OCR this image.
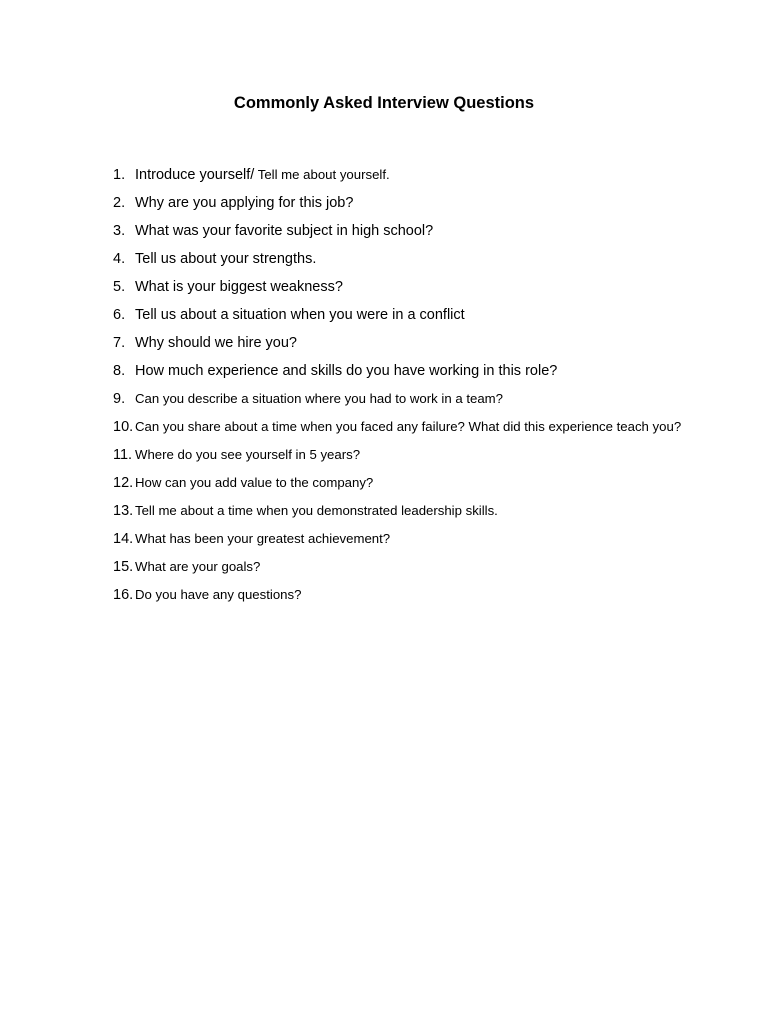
Commonly Asked Interview Questions
1. Introduce yourself/ Tell me about yourself.
2. Why are you applying for this job?
3. What was your favorite subject in high school?
4. Tell us about your strengths.
5. What is your biggest weakness?
6. Tell us about a situation when you were in a conflict
7. Why should we hire you?
8. How much experience and skills do you have working in this role?
9. Can you describe a situation where you had to work in a team?
10. Can you share about a time when you faced any failure? What did this experience teach you?
11. Where do you see yourself in 5 years?
12. How can you add value to the company?
13. Tell me about a time when you demonstrated leadership skills.
14. What has been your greatest achievement?
15. What are your goals?
16. Do you have any questions?
